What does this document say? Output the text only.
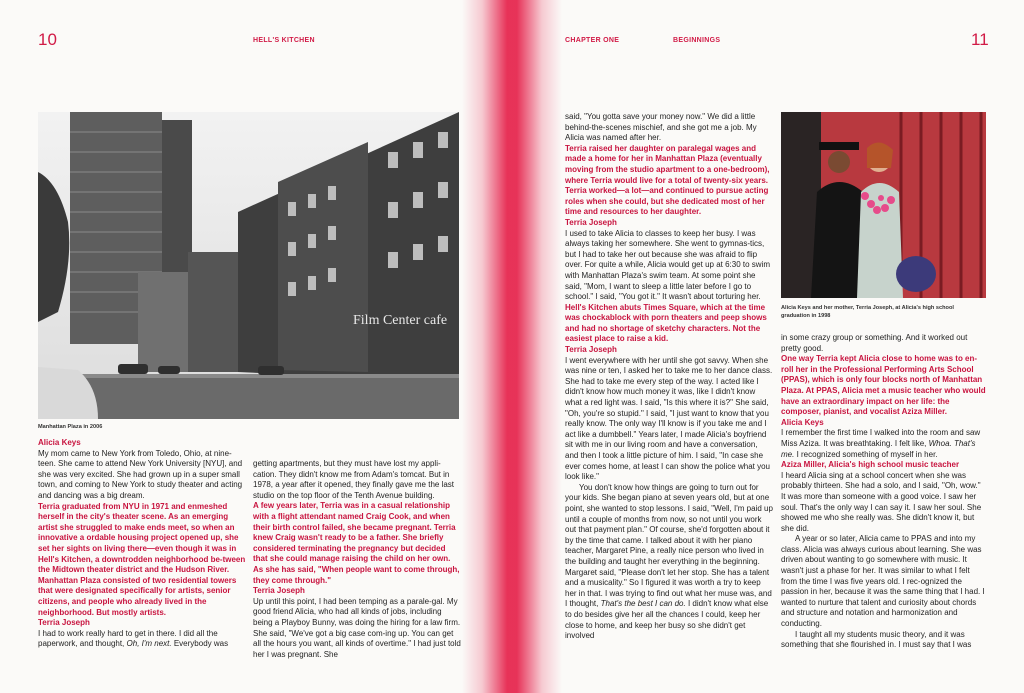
10	HELL'S KITCHEN
Film Center cafe
Manhattan Plaza in 2006

Alicia Keys

My mom came to New York from Toledo, Ohio, at nine-teen. She came to attend New York University [NYU], and she was very excited. She had grown up in a super small town, and coming to New York to study theater and acting and dancing was a big dream.

Terria graduated from NYU in 1971 and enmeshed herself in the city's theater scene. As an emerging artist she struggled to make ends meet, so when an innovative a ordable housing project opened up, she set her sights on living there—even though it was in Hell's Kitchen, a downtrodden neighborhood be-tween the Midtown theater district and the Hudson River. Manhattan Plaza consisted of two residential towers that were designated specifically for artists, senior citizens, and people who already lived in the neighborhood. But mostly artists.

Terria Joseph

I had to work really hard to get in there. I did all the paperwork, and thought, Oh, I'm next. Everybody was

getting apartments, but they must have lost my appli-cation. They didn't know me from Adam's tomcat. But in 1978, a year after it opened, they finally gave me the last studio on the top floor of the Tenth Avenue building.

A few years later, Terria was in a casual relationship with a flight attendant named Craig Cook, and when their birth control failed, she became pregnant. Terria knew Craig wasn't ready to be a father. She briefly considered terminating the pregnancy but decided that she could manage raising the child on her own. As she has said, "When people want to come through, they come through."

Terria Joseph

Up until this point, I had been temping as a parale-gal. My good friend Alicia, who had all kinds of jobs, including being a Playboy Bunny, was doing the hiring for a law firm. She said, "We've got a big case com-ing up. You can get all the hours you want, all kinds of overtime." I had just told her I was pregnant. She

CHAPTER ONE	BEGINNINGS	11

said, "You gotta save your money now." We did a little behind-the-scenes mischief, and she got me a job. My Alicia was named after her.

Terria raised her daughter on paralegal wages and made a home for her in Manhattan Plaza (eventually moving from the studio apartment to a one-bedroom), where Terria would live for a total of twenty-six years. Terria worked—a lot—and continued to pursue acting roles when she could, but she dedicated most of her time and resources to her daughter.

Terria Joseph

I used to take Alicia to classes to keep her busy. I was always taking her somewhere. She went to gymnas-tics, but I had to take her out because she was afraid to flip over. For quite a while, Alicia would get up at 6:30 to swim with Manhattan Plaza's swim team. At some point she said, "Mom, I want to sleep a little later before I go to school." I said, "You got it." It wasn't about torturing her.

Hell's Kitchen abuts Times Square, which at the time was chockablock with porn theaters and peep shows and had no shortage of sketchy characters. Not the easiest place to raise a kid.

Terria Joseph

I went everywhere with her until she got savvy. When she was nine or ten, I asked her to take me to her dance class. She had to take me every step of the way. I acted like I didn't know how much money it was, like I didn't know what a red light was. I said, "Is this where it is?" She said, "Oh, you're so stupid." I said, "I just want to know that you really know. The only way I'll know is if you take me and I act like a dumbbell." Years later, I made Alicia's boyfriend sit with me in our living room and have a conversation, and then I took a little picture of him. I said, "In case she ever comes home, at least I can show the police what you look like."

You don't know how things are going to turn out for your kids. She began piano at seven years old, but at one point, she wanted to stop lessons. I said, "Well, I'm paid up until a couple of months from now, so not until you work out that payment plan." Of course, she'd forgotten about it by the time that came. I talked about it with her piano teacher, Margaret Pine, a really nice person who lived in the building and taught her everything in the beginning. Margaret said, "Please don't let her stop. She has a talent and a musicality." So I figured it was worth a try to keep her in that. I was trying to find out what her muse was, and I thought, That's the best I can do. I didn't know what else to do besides give her all the chances I could, keep her close to home, and keep her busy so she didn't get involved

Alicia Keys and her mother, Terria Joseph, at Alicia's high school
graduation in 1998

in some crazy group or something. And it worked out pretty good.

One way Terria kept Alicia close to home was to en-roll her in the Professional Performing Arts School (PPAS), which is only four blocks north of Manhattan Plaza. At PPAS, Alicia met a music teacher who would have an extraordinary impact on her life: the composer, pianist, and vocalist Aziza Miller.

Alicia Keys

I remember the first time I walked into the room and saw Miss Aziza. It was breathtaking. I felt like, Whoa. That's me. I recognized something of myself in her.

Aziza Miller, Alicia's high school music teacher

I heard Alicia sing at a school concert when she was probably thirteen. She had a solo, and I said, "Oh, wow." It was more than someone with a good voice. I saw her soul. That's the only way I can say it. I saw her soul. She showed me who she really was. She didn't know it, but she did.

A year or so later, Alicia came to PPAS and into my class. Alicia was always curious about learning. She was driven about wanting to go somewhere with music. It wasn't just a phase for her. It was similar to what I felt from the time I was five years old. I rec-ognized the passion in her, because it was the same thing that I had. I wanted to nurture that talent and curiosity about chords and structure and notation and harmonization and conducting.

I taught all my students music theory, and it was something that she flourished in. I must say that I was
